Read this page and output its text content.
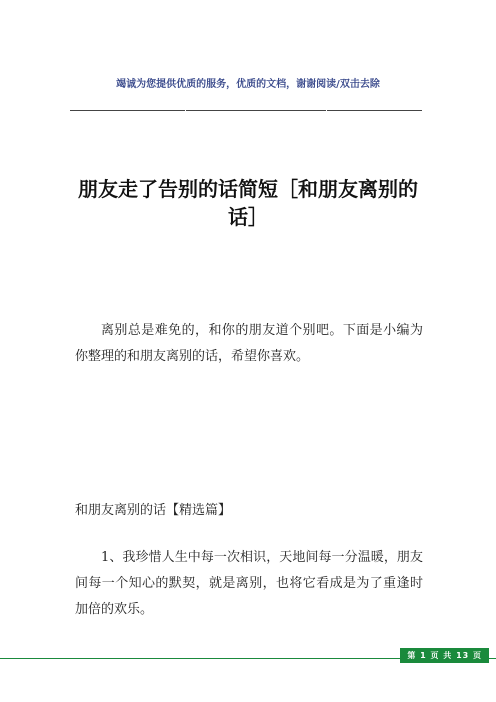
竭诚为您提供优质的服务，优质的文档，谢谢阅读/双击去除
朋友走了告别的话简短［和朋友离别的话］
离别总是难免的，和你的朋友道个别吧。下面是小编为你整理的和朋友离别的话，希望你喜欢。
和朋友离别的话【精选篇】
1、我珍惜人生中每一次相识，天地间每一分温暖，朋友间每一个知心的默契，就是离别，也将它看成是为了重逢时加倍的欢乐。
第 1 页 共 13 页
